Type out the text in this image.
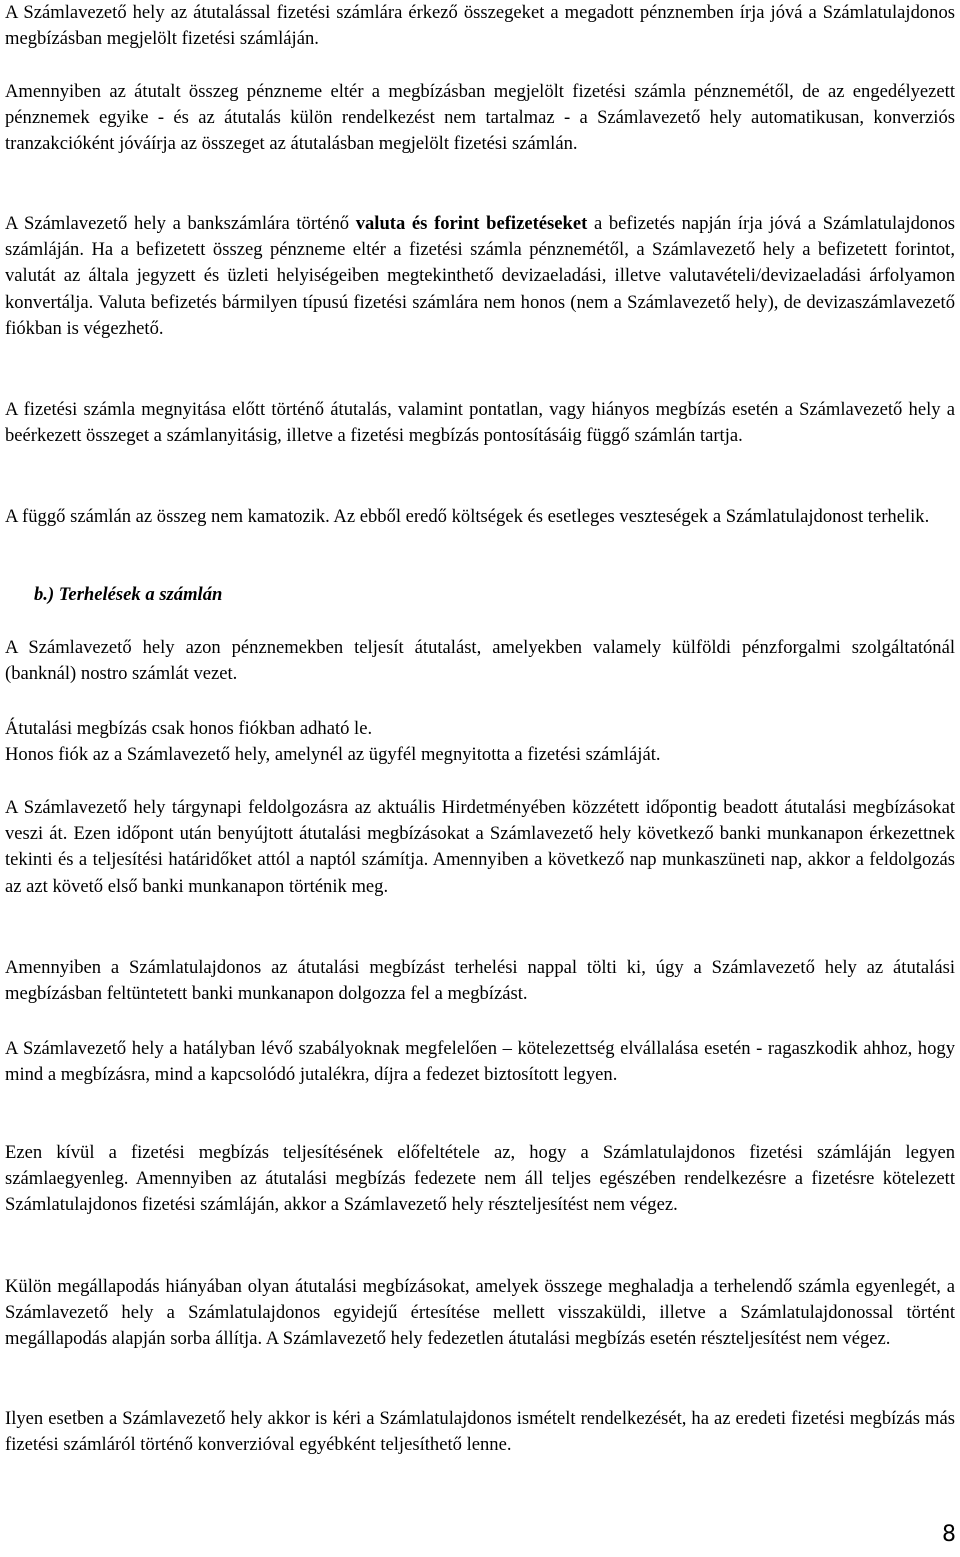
A Számlavezető hely az átutalással fizetési számlára érkező összegeket a megadott pénznemben írja jóvá a Számlatulajdonos megbízásban megjelölt fizetési számláján.

Amennyiben az átutalt összeg pénzneme eltér a megbízásban megjelölt fizetési számla pénznemétől, de az engedélyezett pénznemek egyike - és az átutalás külön rendelkezést nem tartalmaz - a Számlavezető hely automatikusan, konverziós tranzakcióként jóváírja az összeget az átutalásban megjelölt fizetési számlán.

A Számlavezető hely a bankszámlára történő valuta és forint befizetéseket a befizetés napján írja jóvá a Számlatulajdonos számláján. Ha a befizetett összeg pénzneme eltér a fizetési számla pénznemétől, a Számlavezető hely a befizetett forintot, valutát az általa jegyzett és üzleti helyiségeiben megtekinthető devizaeladási, illetve valutavételi/devizaeladási árfolyamon konvertálja. Valuta befizetés bármilyen típusú fizetési számlára nem honos (nem a Számlavezető hely), de devizaszámlavezető fiókban is végezhető.

A fizetési számla megnyitása előtt történő átutalás, valamint pontatlan, vagy hiányos megbízás esetén a Számlavezető hely a beérkezett összeget a számlanyitásig, illetve a fizetési megbízás pontosításáig függő számlán tartja.

A függő számlán az összeg nem kamatozik. Az ebből eredő költségek és esetleges veszteségek a Számlatulajdonost terhelik.

b.) Terhelések a számlán

A Számlavezető hely azon pénznemekben teljesít átutalást, amelyekben valamely külföldi pénzforgalmi szolgáltatónál (banknál) nostro számlát vezet.

Átutalási megbízás csak honos fiókban adható le.

Honos fiók az a Számlavezető hely, amelynél az ügyfél megnyitotta a fizetési számláját.

A Számlavezető hely tárgynapi feldolgozásra az aktuális Hirdetményében közzétett időpontig beadott átutalási megbízásokat veszi át. Ezen időpont után benyújtott átutalási megbízásokat a Számlavezető hely következő banki munkanapon érkezettnek tekinti és a teljesítési határidőket attól a naptól számítja. Amennyiben a következő nap munkaszüneti nap, akkor a feldolgozás az azt követő első banki munkanapon történik meg.

Amennyiben a Számlatulajdonos az átutalási megbízást terhelési nappal tölti ki, úgy a Számlavezető hely az átutalási megbízásban feltüntetett banki munkanapon dolgozza fel a megbízást.

A Számlavezető hely a hatályban lévő szabályoknak megfelelően – kötelezettség elvállalása esetén - ragaszkodik ahhoz, hogy mind a megbízásra, mind a kapcsolódó jutalékra, díjra a fedezet biztosított legyen.

Ezen kívül a fizetési megbízás teljesítésének előfeltétele az, hogy a Számlatulajdonos fizetési számláján legyen számlaegyenleg. Amennyiben az átutalási megbízás fedezete nem áll teljes egészében rendelkezésre a fizetésre kötelezett Számlatulajdonos fizetési számláján, akkor a Számlavezető hely részteljesítést nem végez.

Külön megállapodás hiányában olyan átutalási megbízásokat, amelyek összege meghaladja a terhelendő számla egyenlegét, a Számlavezető hely a Számlatulajdonos egyidejű értesítése mellett visszaküldi, illetve a Számlatulajdonossal történt megállapodás alapján sorba állítja. A Számlavezető hely fedezetlen átutalási megbízás esetén részteljesítést nem végez.

Ilyen esetben a Számlavezető hely akkor is kéri a Számlatulajdonos ismételt rendelkezését, ha az eredeti fizetési megbízás más fizetési számláról történő konverzióval egyébként teljesíthető lenne.

8
